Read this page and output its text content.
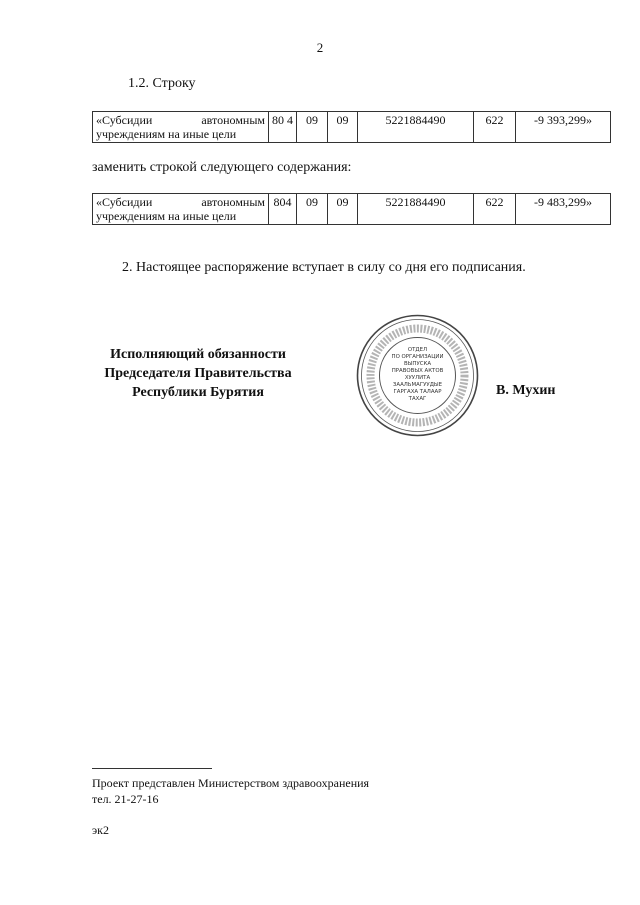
2
1.2. Строку
«Субсидии автономным
учреждениям на иные цели
	80 4	09	09	5221884490	622	-9 393,299»
заменить строкой следующего содержания:
«Субсидии автономным
учреждениям на иные цели
	804	09	09	5221884490	622	-9 483,299»
2. Настоящее распоряжение вступает в силу со дня его подписания.
Исполняющий обязанности
Председателя Правительства
Республики Бурятия
ОТДЕЛ
ПО ОРГАНИЗАЦИИ
ВЫПУСКА
ПРАВОВЫХ АКТОВ
ХУУЛИТА
ЗААЛЬМАГУУДЫЕ
ГАРГАХА ТАЛААР
ТАХАГ
В. Мухин
Проект представлен Министерством здравоохранения
тел. 21-27-16
эк2
